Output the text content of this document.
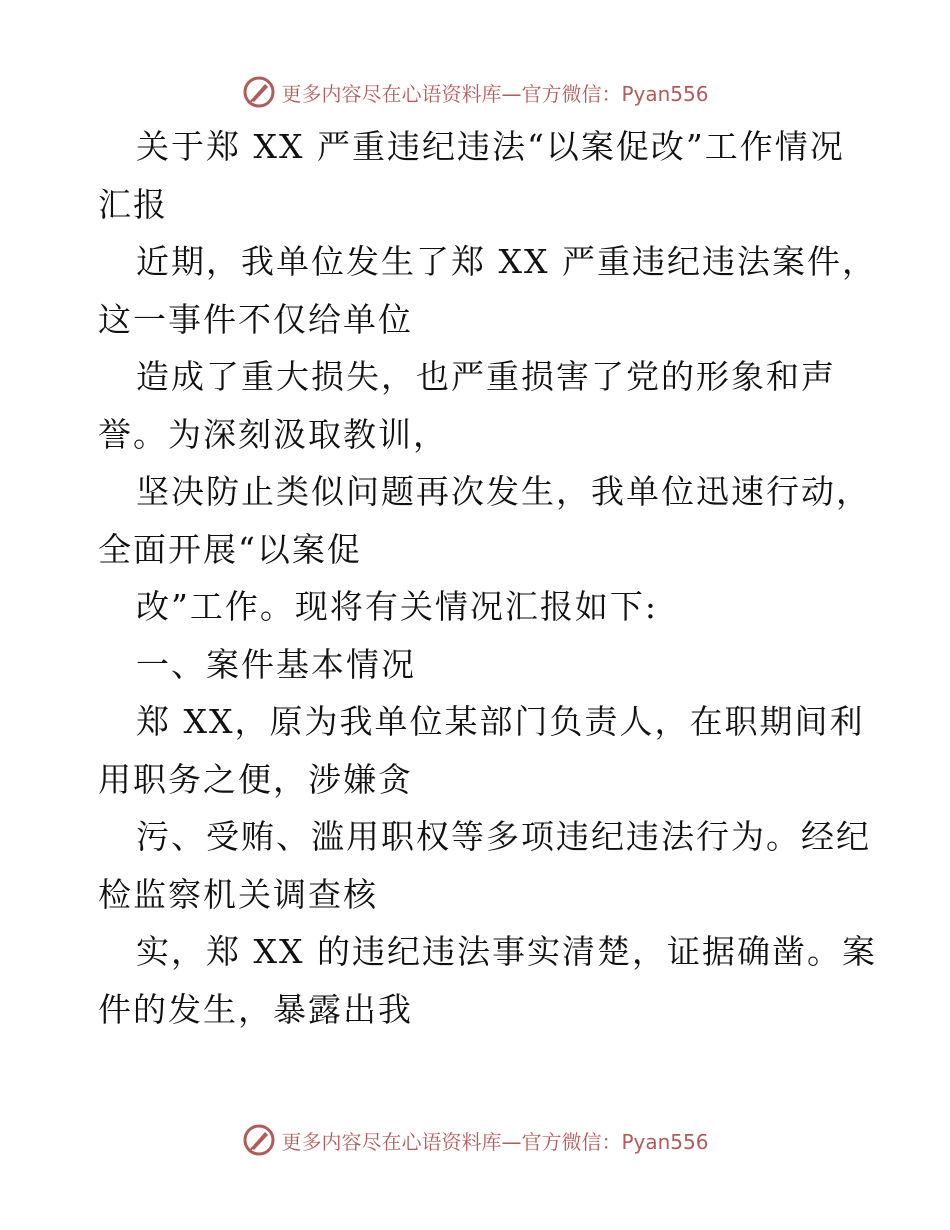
更多内容尽在心语资料库—官方微信：Pyan556
关于郑 XX 严重违纪违法“以案促改”工作情况
汇报
近期，我单位发生了郑 XX 严重违纪违法案件，
这一事件不仅给单位
造成了重大损失，也严重损害了党的形象和声
誉。为深刻汲取教训，
坚决防止类似问题再次发生，我单位迅速行动，
全面开展“以案促
改”工作。现将有关情况汇报如下:
一、案件基本情况
郑 XX，原为我单位某部门负责人，在职期间利
用职务之便，涉嫌贪
污、受贿、滥用职权等多项违纪违法行为。经纪
检监察机关调查核
实，郑 XX 的违纪违法事实清楚，证据确凿。案
件的发生，暴露出我
更多内容尽在心语资料库—官方微信：Pyan556
